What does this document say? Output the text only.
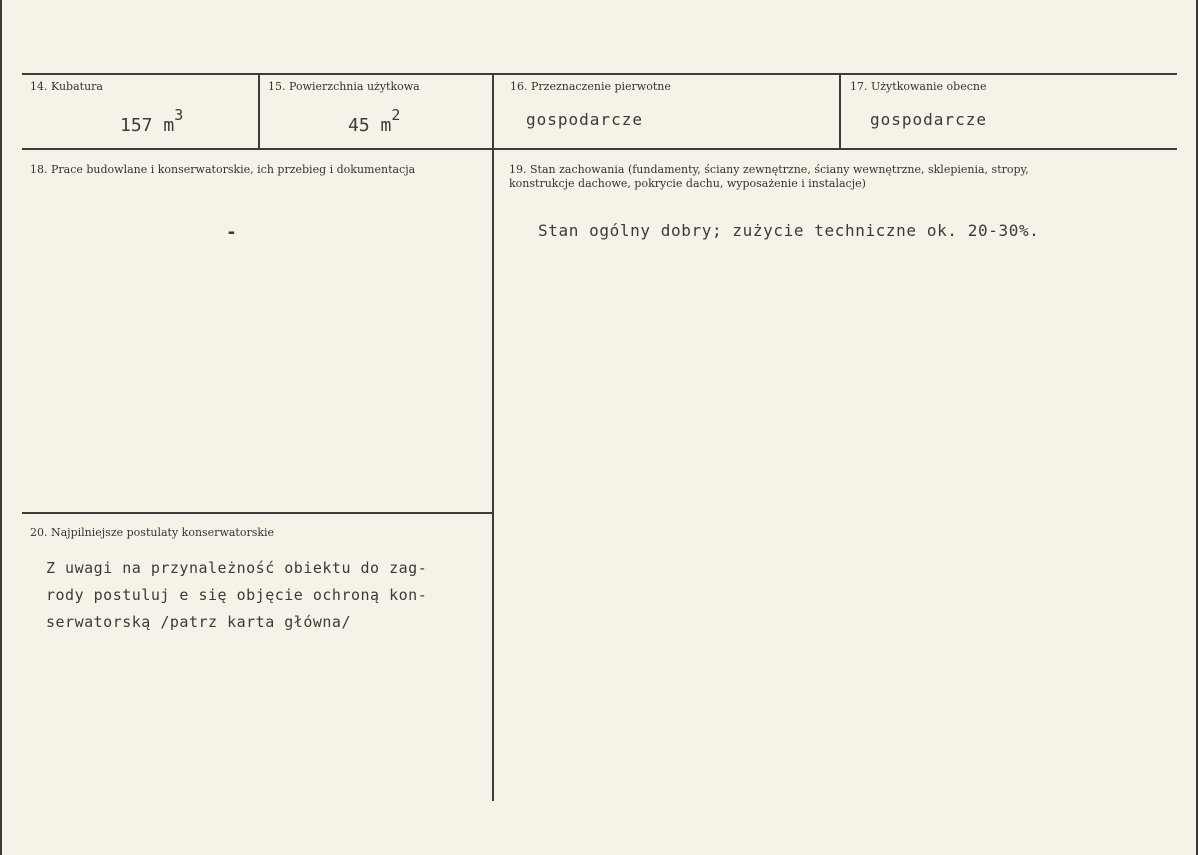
14. Kubatura
157 $m^3$
15. Powierzchnia użytkowa
45 $m^2$
16. Przeznaczenie pierwotne
gospodarcze
17. Użytkowanie obecne
gospodarcze
18. Prace budowlane i konserwatorskie, ich przebieg i dokumentacja
-
19. Stan zachowania (fundamenty, ściany zewnętrzne, ściany wewnętrzne, sklepienia, stropy,
konstrukcje dachowe, pokrycie dachu, wyposażenie i instalacje)
Stan ogólny dobry; zużycie techniczne ok. 20-30%.
20. Najpilniejsze postulaty konserwatorskie
Z uwagi na przynależność obiektu do zag-
rody postuluj e się objęcie ochroną kon-
serwatorską /patrz karta główna/
